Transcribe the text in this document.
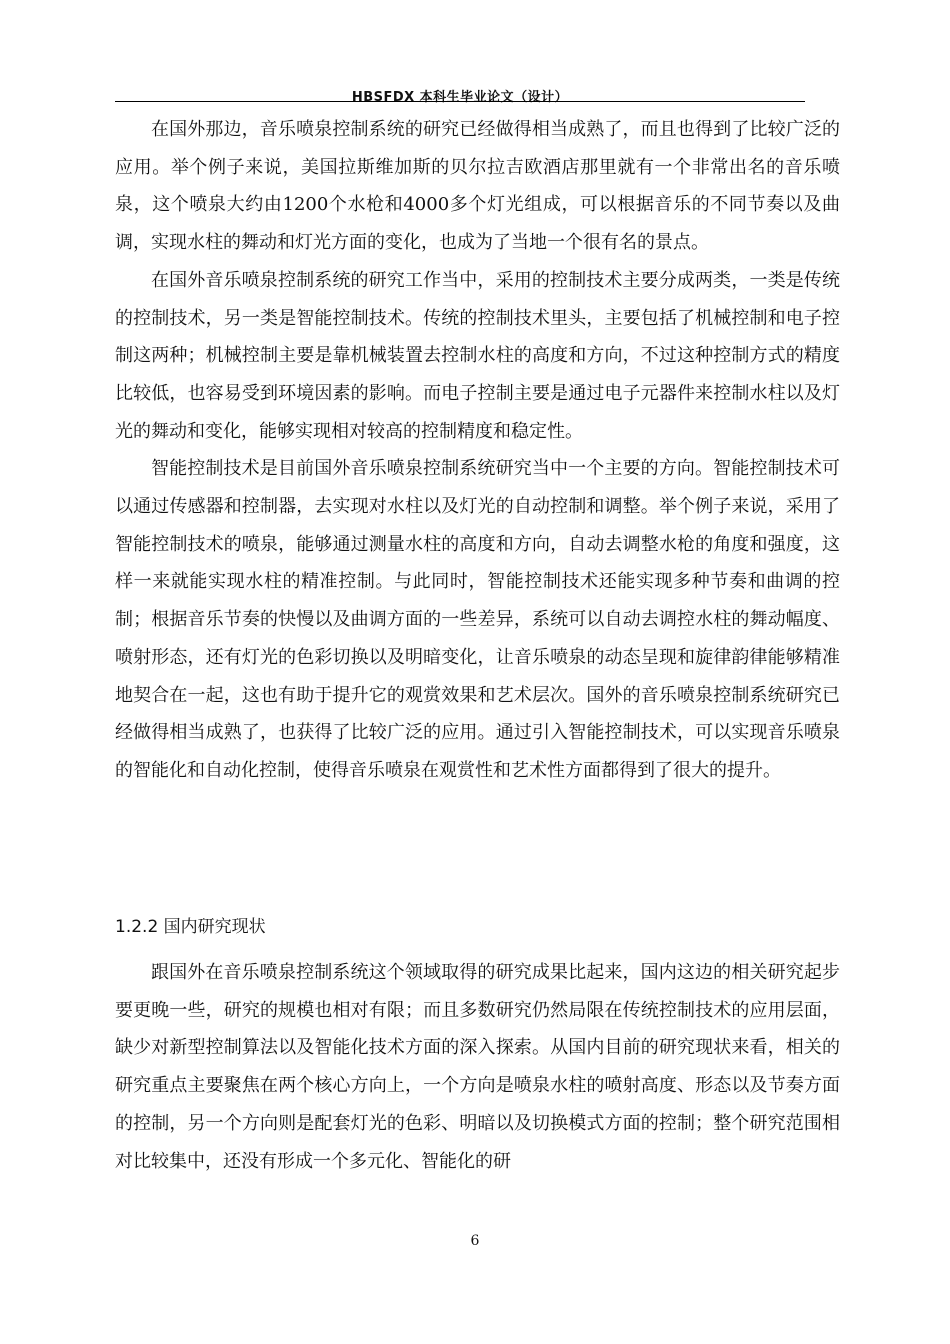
HBSFDX 本科生毕业论文（设计）

在国外那边，音乐喷泉控制系统的研究已经做得相当成熟了，而且也得到了比较广泛的应用。举个例子来说，美国拉斯维加斯的贝尔拉吉欧酒店那里就有一个非常出名的音乐喷泉，这个喷泉大约由1200个水枪和4000多个灯光组成，可以根据音乐的不同节奏以及曲调，实现水柱的舞动和灯光方面的变化，也成为了当地一个很有名的景点。

在国外音乐喷泉控制系统的研究工作当中，采用的控制技术主要分成两类，一类是传统的控制技术，另一类是智能控制技术。传统的控制技术里头，主要包括了机械控制和电子控制这两种；机械控制主要是靠机械装置去控制水柱的高度和方向，不过这种控制方式的精度比较低，也容易受到环境因素的影响。而电子控制主要是通过电子元器件来控制水柱以及灯光的舞动和变化，能够实现相对较高的控制精度和稳定性。

智能控制技术是目前国外音乐喷泉控制系统研究当中一个主要的方向。智能控制技术可以通过传感器和控制器，去实现对水柱以及灯光的自动控制和调整。举个例子来说，采用了智能控制技术的喷泉，能够通过测量水柱的高度和方向，自动去调整水枪的角度和强度，这样一来就能实现水柱的精准控制。与此同时，智能控制技术还能实现多种节奏和曲调的控制；根据音乐节奏的快慢以及曲调方面的一些差异，系统可以自动去调控水柱的舞动幅度、喷射形态，还有灯光的色彩切换以及明暗变化，让音乐喷泉的动态呈现和旋律韵律能够精准地契合在一起，这也有助于提升它的观赏效果和艺术层次。国外的音乐喷泉控制系统研究已经做得相当成熟了，也获得了比较广泛的应用。通过引入智能控制技术，可以实现音乐喷泉的智能化和自动化控制，使得音乐喷泉在观赏性和艺术性方面都得到了很大的提升。

1.2.2 国内研究现状

跟国外在音乐喷泉控制系统这个领域取得的研究成果比起来，国内这边的相关研究起步要更晚一些，研究的规模也相对有限；而且多数研究仍然局限在传统控制技术的应用层面，缺少对新型控制算法以及智能化技术方面的深入探索。从国内目前的研究现状来看，相关的研究重点主要聚焦在两个核心方向上，一个方向是喷泉水柱的喷射高度、形态以及节奏方面的控制，另一个方向则是配套灯光的色彩、明暗以及切换模式方面的控制；整个研究范围相对比较集中，还没有形成一个多元化、智能化的研

6
